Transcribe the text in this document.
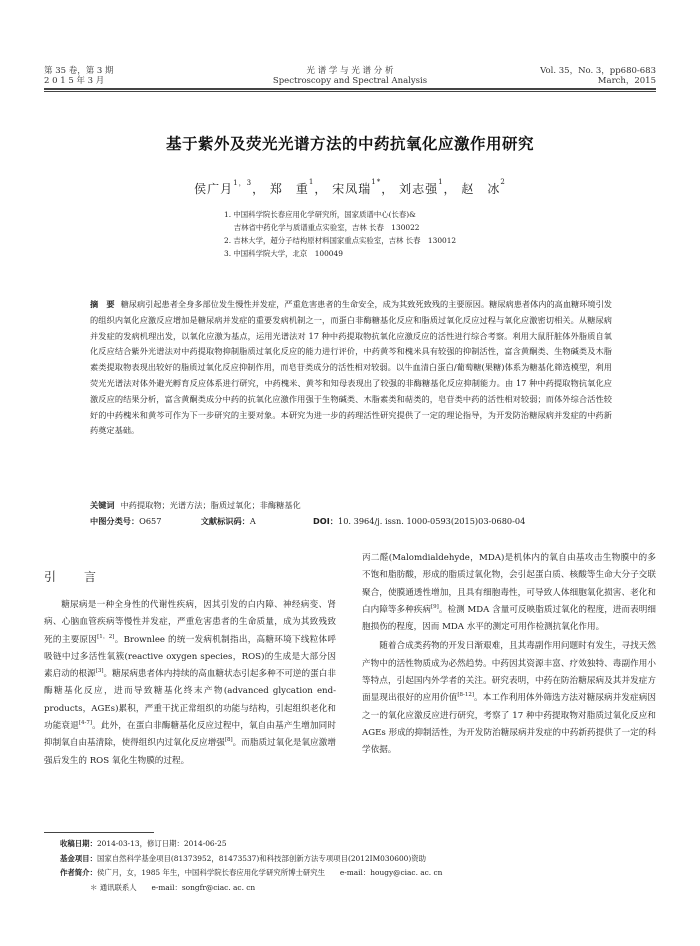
第 35 卷，第 3 期
2 0 1 5 年 3 月
光 谱 学 与 光 谱 分 析
Spectroscopy and Spectral Analysis
Vol. 35，No. 3，pp680-683
March，2015
基于紫外及荧光光谱方法的中药抗氧化应激作用研究
侯广月$^{1,3}$， 郑　重$^1$， 宋凤瑞$^{1*}$， 刘志强$^1$， 赵　冰$^2$
1. 中国科学院长春应用化学研究所，国家质谱中心(长春)&
　 吉林省中药化学与质谱重点实验室，吉林 长春　130022
2. 吉林大学，超分子结构原材料国家重点实验室，吉林 长春　130012
3. 中国科学院大学，北京　100049
摘　要 糖尿病引起患者全身多部位发生慢性并发症，严重危害患者的生命安全，成为其致死致残的主要原因。糖尿病患者体内的高血糖环境引发的组织内氧化应激反应增加是糖尿病并发症的重要发病机制之一，而蛋白非酶糖基化反应和脂质过氧化反应过程与氧化应激密切相关。从糖尿病并发症的发病机理出发，以氧化应激为基点，运用光谱法对 17 种中药提取物抗氧化应激反应的活性进行综合考察。利用大鼠肝脏体外脂质自氧化反应结合紫外光谱法对中药提取物抑制脂质过氧化反应的能力进行评价，中药黄芩和槐米具有较强的抑制活性，富含黄酮类、生物碱类及木脂素类提取物表现出较好的脂质过氧化反应抑制作用，而皂苷类成分的活性相对较弱。以牛血清白蛋白/葡萄糖(果糖)体系为糖基化筛选模型，利用荧光光谱法对体外避光孵育反应体系进行研究，中药槐米、黄芩和知母表现出了较强的非酶糖基化反应抑制能力。由 17 种中药提取物抗氧化应激反应的结果分析，富含黄酮类成分中药的抗氧化应激作用强于生物碱类、木脂素类和萜类的，皂苷类中药的活性相对较弱；而体外综合活性较好的中药槐米和黄芩可作为下一步研究的主要对象。本研究为进一步的药理活性研究提供了一定的理论指导，为开发防治糖尿病并发症的中药新药奠定基础。
关键词 中药提取物；光谱方法；脂质过氧化；非酶糖基化
中图分类号：O657	文献标识码：A	DOI：10. 3964/j. issn. 1000-0593(2015)03-0680-04
引　言

糖尿病是一种全身性的代谢性疾病，因其引发的白内障、神经病变、肾病、心脑血管疾病等慢性并发症，严重危害患者的生命质量，成为其致残致死的主要原因[1，2]。Brownlee 的统一发病机制指出，高糖环境下线粒体呼吸链中过多活性氧簇(reactive oxygen species，ROS)的生成是大部分因素启动的根源[3]。糖尿病患者体内持续的高血糖状态引起多种不可逆的蛋白非酶糖基化反应，进而导致糖基化终末产物(advanced glycation end-products，AGEs)累积，严重干扰正常组织的功能与结构，引起组织老化和功能衰退[4-7]。此外，在蛋白非酶糖基化反应过程中，氧自由基产生增加同时抑制氧自由基清除，使得组织内过氧化反应增强[8]。而脂质过氧化是氧应激增强后发生的 ROS 氧化生物膜的过程。

丙二醛(Malomdialdehyde，MDA)是机体内的氧自由基攻击生物膜中的多不饱和脂肪酸，形成的脂质过氧化物，会引起蛋白质、核酸等生命大分子交联聚合，使膜通透性增加，且具有细胞毒性，可导致人体细胞氧化损害、老化和白内障等多种疾病[9]。检测 MDA 含量可反映脂质过氧化的程度，进而表明细胞损伤的程度，因而 MDA 水平的测定可用作检测抗氧化作用。

随着合成类药物的开发日渐艰难，且其毒副作用问题时有发生，寻找天然产物中的活性物质成为必然趋势。中药因其资源丰富、疗效独特、毒副作用小等特点，引起国内外学者的关注。研究表明，中药在防治糖尿病及其并发症方面显现出很好的应用价值[8-12]。本工作利用体外筛选方法对糖尿病并发症病因之一的氧化应激反应进行研究，考察了 17 种中药提取物对脂质过氧化反应和 AGEs 形成的抑制活性，为开发防治糖尿病并发症的中药新药提供了一定的科学依据。

收稿日期：2014-03-13，修订日期：2014-06-25
基金项目：国家自然科学基金项目(81373952，81473537)和科技部创新方法专项项目(2012IM030600)资助
作者简介：侯广月，女，1985 年生，中国科学院长春应用化学研究所博士研究生　　e-mail：hougy@ciac. ac. cn
＊ 通讯联系人　　e-mail：songfr@ciac. ac. cn
